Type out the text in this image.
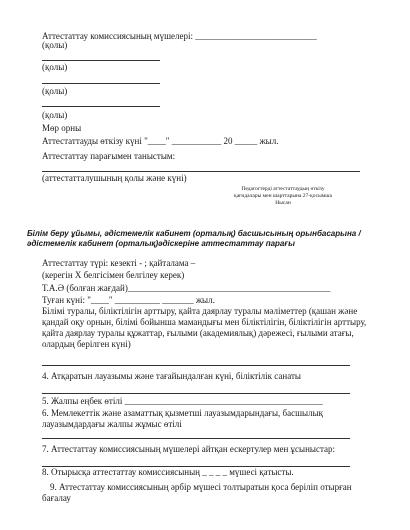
Аттестаттау комиссиясының мүшелері: ___________________________
(қолы)
(қолы)
(қолы)
(қолы)
Мөр орны
Аттестаттауды өткізу күні "____" ___________ 20 _____ жыл.
Аттестаттау парағымен таныстым:
(аттестатталушының қолы және күні)
Педагогтерді аттестаттаудың өткізу қағидалары мен шарттарына 27-қосымша Нысан
Білім беру ұйымы, әдістемелік кабинет (орталық) басшысының орынбасарына /әдістемелік кабинет (орталық)әдіскеріне аттестаттау парағы
Аттестаттау түрі: кезекті - ; қайталама –
(керегін Х белгісімен белгілеу керек)
Т.А.Ә (болған жағдай)_____________________________________________
Туған күні: "____" __________ _______ жыл.
Білімі туралы, біліктілігін арттыру, қайта даярлау туралы мәліметтер (қашан және қандай оқу орнын, білімі бойынша мамандығы мен біліктілігін, біліктілігін арттыру, қайта даярлау туралы құжаттар, ғылыми (академиялық) дәрежесі, ғылыми атағы, олардың берілген күні)
4. Атқаратын лауазымы және тағайындалған күні, біліктілік санаты
5. Жалпы еңбек өтілі ____________________________________________
6. Мемлекеттік және азаматтық қызметші лауазымдарындағы, басшылық лауазымдардағы жалпы жұмыс өтілі
7. Аттестаттау комиссиясының мүшелері айтқан ескертулер мен ұсыныстар:
8. Отырысқа аттестаттау комиссиясының _ _ _ _ мүшесі қатысты.
9. Аттестаттау комиссиясының әрбір мүшесі толтыратын қоса беріліп отырған бағалау
